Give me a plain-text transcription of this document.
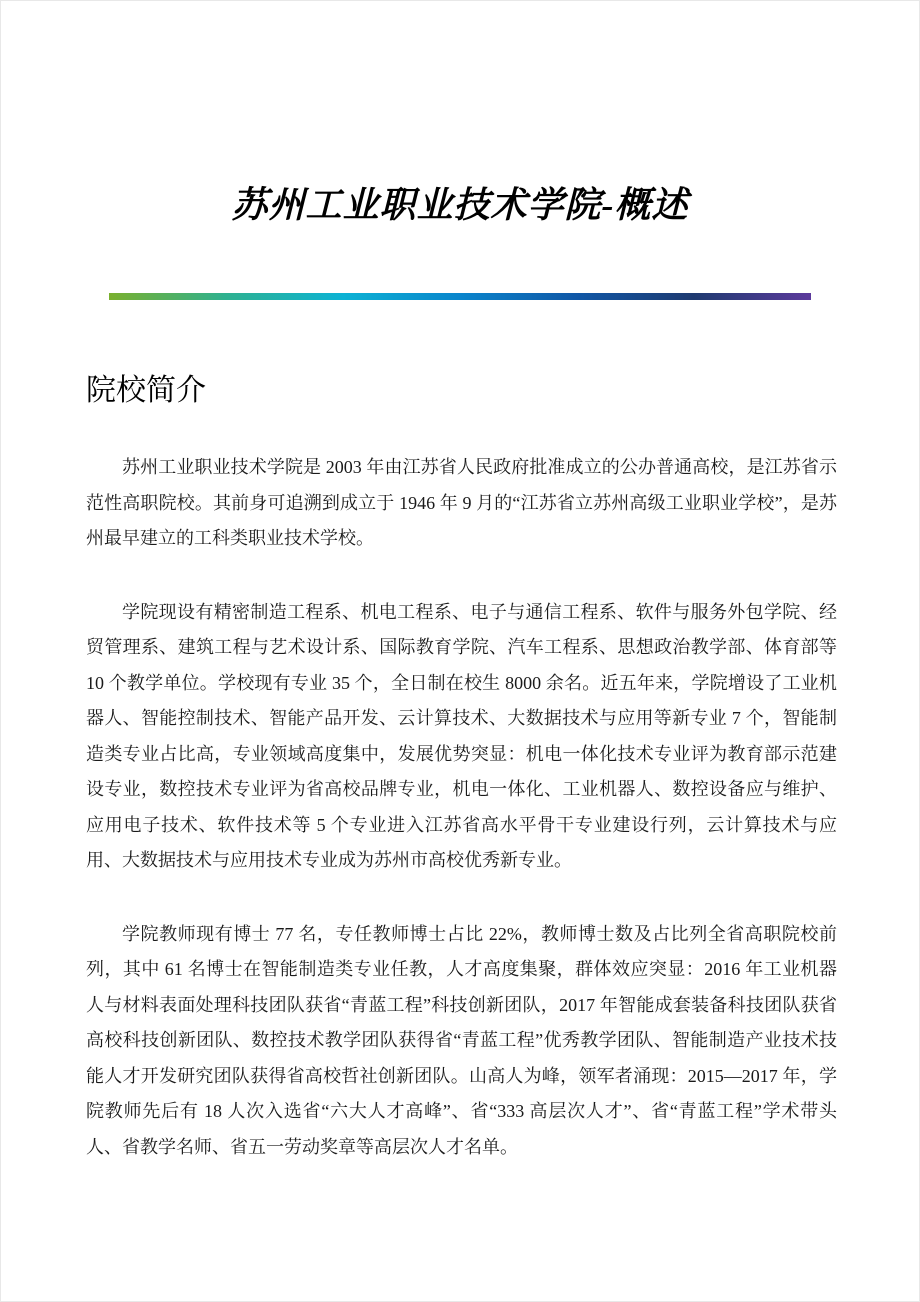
苏州工业职业技术学院-概述
院校简介

苏州工业职业技术学院是 2003 年由江苏省人民政府批准成立的公办普通高校，是江苏省示范性高职院校。其前身可追溯到成立于 1946 年 9 月的“江苏省立苏州高级工业职业学校”，是苏州最早建立的工科类职业技术学校。

学院现设有精密制造工程系、机电工程系、电子与通信工程系、软件与服务外包学院、经贸管理系、建筑工程与艺术设计系、国际教育学院、汽车工程系、思想政治教学部、体育部等 10 个教学单位。学校现有专业 35 个，全日制在校生 8000 余名。近五年来，学院增设了工业机器人、智能控制技术、智能产品开发、云计算技术、大数据技术与应用等新专业 7 个，智能制造类专业占比高，专业领域高度集中，发展优势突显：机电一体化技术专业评为教育部示范建设专业，数控技术专业评为省高校品牌专业，机电一体化、工业机器人、数控设备应与维护、应用电子技术、软件技术等 5 个专业进入江苏省高水平骨干专业建设行列，云计算技术与应用、大数据技术与应用技术专业成为苏州市高校优秀新专业。

学院教师现有博士 77 名，专任教师博士占比 22%，教师博士数及占比列全省高职院校前列，其中 61 名博士在智能制造类专业任教，人才高度集聚，群体效应突显：2016 年工业机器人与材料表面处理科技团队获省“青蓝工程”科技创新团队，2017 年智能成套装备科技团队获省高校科技创新团队、数控技术教学团队获得省“青蓝工程”优秀教学团队、智能制造产业技术技能人才开发研究团队获得省高校哲社创新团队。山高人为峰，领军者涌现：2015—2017 年，学院教师先后有 18 人次入选省“六大人才高峰”、省“333 高层次人才”、省“青蓝工程”学术带头人、省教学名师、省五一劳动奖章等高层次人才名单。
